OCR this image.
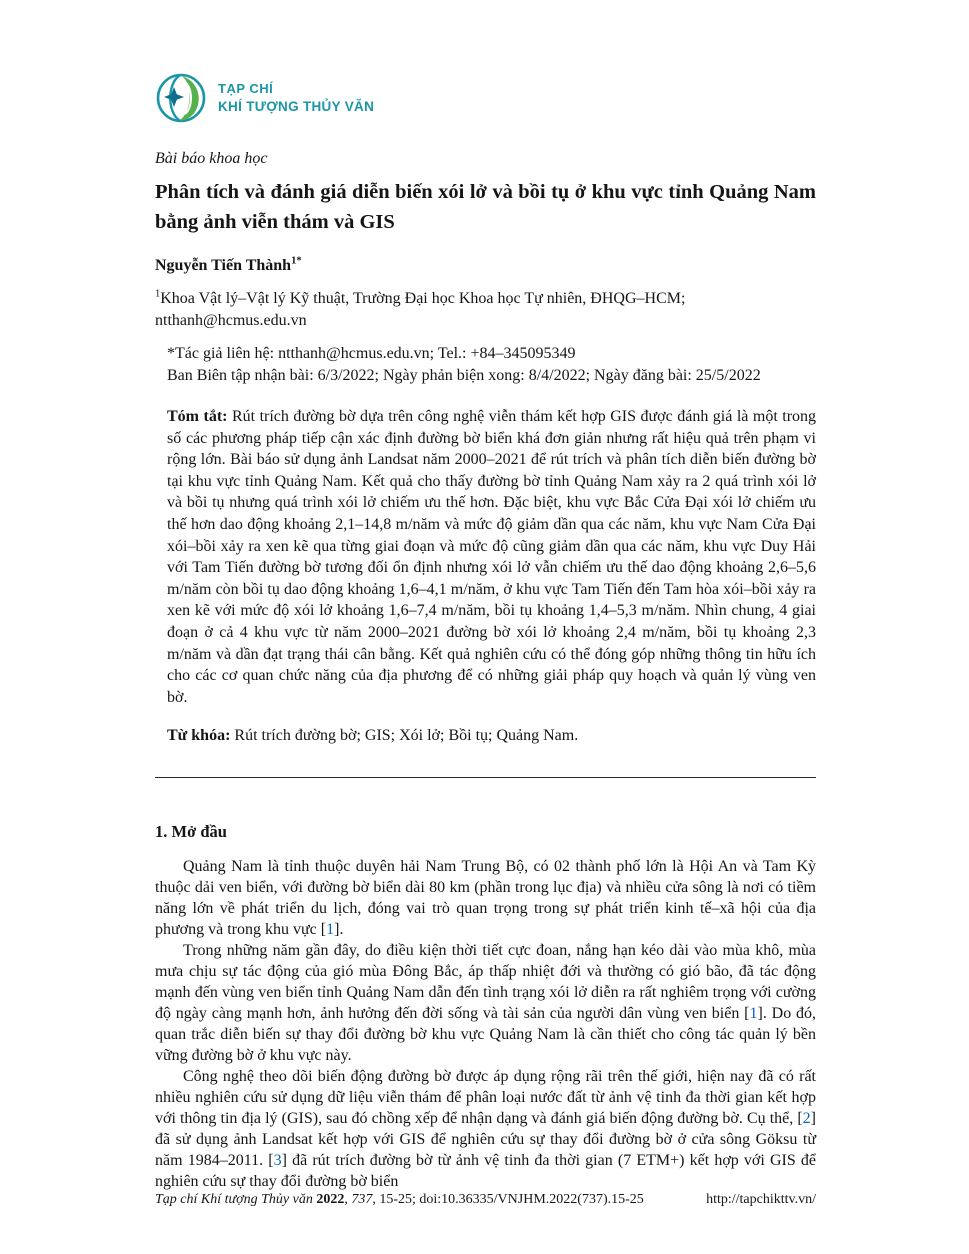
TẠP CHÍ
KHÍ TƯỢNG THỦY VĂN
Bài báo khoa học
Phân tích và đánh giá diễn biến xói lở và bồi tụ ở khu vực tỉnh Quảng Nam bằng ảnh viễn thám và GIS
Nguyễn Tiến Thành$^{1*}$
$^1$Khoa Vật lý–Vật lý Kỹ thuật, Trường Đại học Khoa học Tự nhiên, ĐHQG–HCM; ntthanh@hcmus.edu.vn
*Tác giả liên hệ: ntthanh@hcmus.edu.vn; Tel.: +84–345095349
Ban Biên tập nhận bài: 6/3/2022; Ngày phản biện xong: 8/4/2022; Ngày đăng bài: 25/5/2022
Tóm tắt: Rút trích đường bờ dựa trên công nghệ viễn thám kết hợp GIS được đánh giá là một trong số các phương pháp tiếp cận xác định đường bờ biển khá đơn giản nhưng rất hiệu quả trên phạm vi rộng lớn. Bài báo sử dụng ảnh Landsat năm 2000–2021 để rút trích và phân tích diễn biến đường bờ tại khu vực tỉnh Quảng Nam. Kết quả cho thấy đường bờ tỉnh Quảng Nam xảy ra 2 quá trình xói lở và bồi tụ nhưng quá trình xói lở chiếm ưu thế hơn. Đặc biệt, khu vực Bắc Cửa Đại xói lở chiếm ưu thế hơn dao động khoảng 2,1–14,8 m/năm và mức độ giảm dần qua các năm, khu vực Nam Cửa Đại xói–bồi xảy ra xen kẽ qua từng giai đoạn và mức độ cũng giảm dần qua các năm, khu vực Duy Hải với Tam Tiến đường bờ tương đối ổn định nhưng xói lở vẫn chiếm ưu thế dao động khoảng 2,6–5,6 m/năm còn bồi tụ dao động khoảng 1,6–4,1 m/năm, ở khu vực Tam Tiến đến Tam hòa xói–bồi xảy ra xen kẽ với mức độ xói lở khoảng 1,6–7,4 m/năm, bồi tụ khoảng 1,4–5,3 m/năm. Nhìn chung, 4 giai đoạn ở cả 4 khu vực từ năm 2000–2021 đường bờ xói lở khoảng 2,4 m/năm, bồi tụ khoảng 2,3 m/năm và dần đạt trạng thái cân bằng. Kết quả nghiên cứu có thể đóng góp những thông tin hữu ích cho các cơ quan chức năng của địa phương để có những giải pháp quy hoạch và quản lý vùng ven bờ.
Từ khóa: Rút trích đường bờ; GIS; Xói lở; Bồi tụ; Quảng Nam.
1. Mở đầu

Quảng Nam là tỉnh thuộc duyên hải Nam Trung Bộ, có 02 thành phố lớn là Hội An và Tam Kỳ thuộc dải ven biển, với đường bờ biển dài 80 km (phần trong lục địa) và nhiều cửa sông là nơi có tiềm năng lớn về phát triển du lịch, đóng vai trò quan trọng trong sự phát triển kinh tế–xã hội của địa phương và trong khu vực [1].

Trong những năm gần đây, do điều kiện thời tiết cực đoan, nắng hạn kéo dài vào mùa khô, mùa mưa chịu sự tác động của gió mùa Đông Bắc, áp thấp nhiệt đới và thường có gió bão, đã tác động mạnh đến vùng ven biển tỉnh Quảng Nam dẫn đến tình trạng xói lở diễn ra rất nghiêm trọng với cường độ ngày càng mạnh hơn, ảnh hưởng đến đời sống và tài sản của người dân vùng ven biển [1]. Do đó, quan trắc diễn biến sự thay đổi đường bờ khu vực Quảng Nam là cần thiết cho công tác quản lý bền vững đường bờ ở khu vực này.

Công nghệ theo dõi biến động đường bờ được áp dụng rộng rãi trên thế giới, hiện nay đã có rất nhiều nghiên cứu sử dụng dữ liệu viễn thám để phân loại nước đất từ ảnh vệ tinh đa thời gian kết hợp với thông tin địa lý (GIS), sau đó chồng xếp để nhận dạng và đánh giá biến động đường bờ. Cụ thể, [2] đã sử dụng ảnh Landsat kết hợp với GIS để nghiên cứu sự thay đổi đường bờ ở cửa sông Göksu từ năm 1984–2011. [3] đã rút trích đường bờ từ ảnh vệ tinh đa thời gian (7 ETM+) kết hợp với GIS để nghiên cứu sự thay đổi đường bờ biển

Tạp chí Khí tượng Thủy văn 2022, 737, 15-25; doi:10.36335/VNJHM.2022(737).15-25	http://tapchikttv.vn/
